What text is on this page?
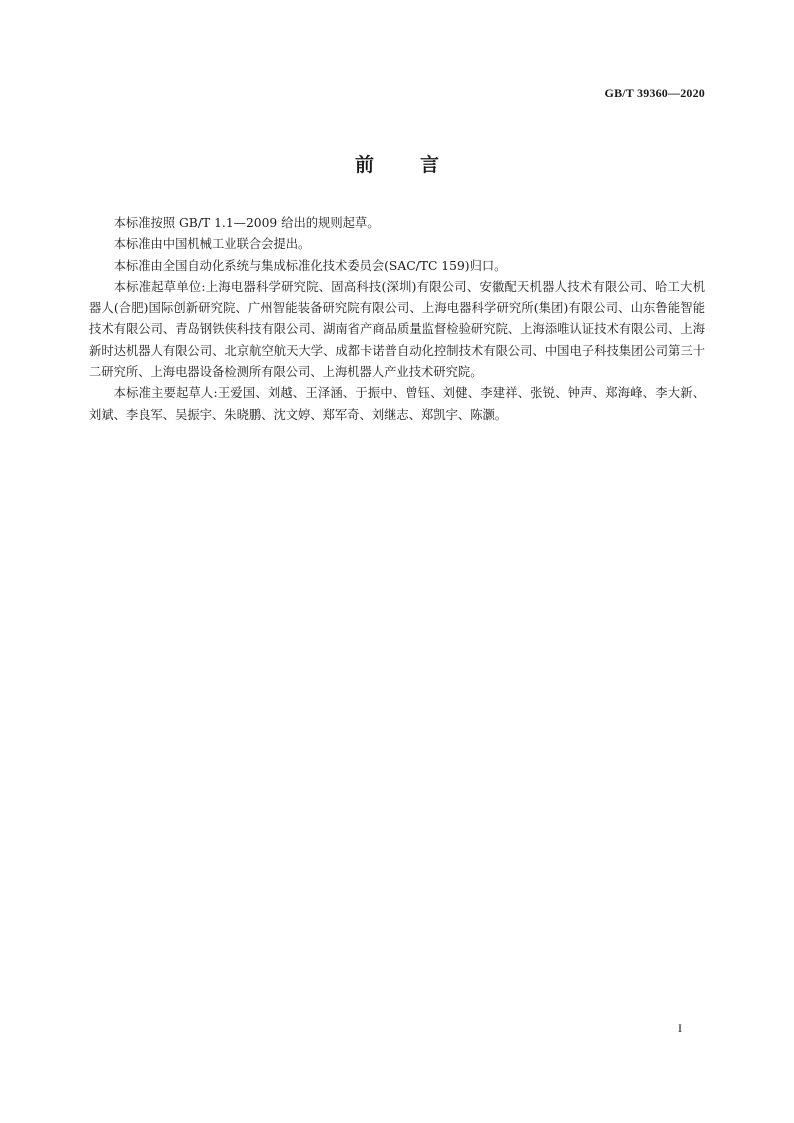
GB/T 39360—2020
前言

本标准按照 GB/T 1.1—2009 给出的规则起草。

本标准由中国机械工业联合会提出。

本标准由全国自动化系统与集成标准化技术委员会(SAC/TC 159)归口。

本标准起草单位:上海电器科学研究院、固高科技(深圳)有限公司、安徽配天机器人技术有限公司、哈工大机器人(合肥)国际创新研究院、广州智能装备研究院有限公司、上海电器科学研究所(集团)有限公司、山东鲁能智能技术有限公司、青岛钢铁侠科技有限公司、湖南省产商品质量监督检验研究院、上海添唯认证技术有限公司、上海新时达机器人有限公司、北京航空航天大学、成都卡诺普自动化控制技术有限公司、中国电子科技集团公司第三十二研究所、上海电器设备检测所有限公司、上海机器人产业技术研究院。

本标准主要起草人:王爱国、刘越、王泽涵、于振中、曾钰、刘健、李建祥、张锐、钟声、郑海峰、李大新、刘斌、李良军、吴振宇、朱晓鹏、沈文婷、郑军奇、刘继志、郑凯宇、陈灏。

I
